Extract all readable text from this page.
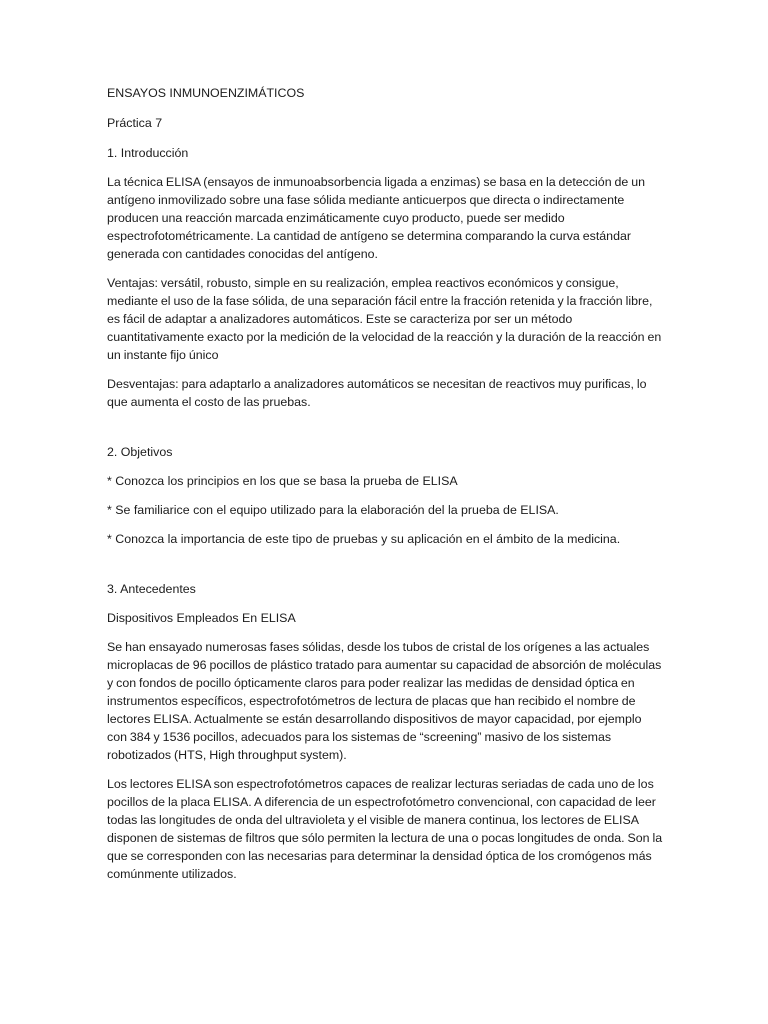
ENSAYOS INMUNOENZIMÁTICOS

Práctica 7

1. Introducción

La técnica ELISA (ensayos de inmunoabsorbencia ligada a enzimas) se basa en la detección de un antígeno inmovilizado sobre una fase sólida mediante anticuerpos que directa o indirectamente producen una reacción marcada enzimáticamente cuyo producto, puede ser medido espectrofotométricamente. La cantidad de antígeno se determina comparando la curva estándar generada con cantidades conocidas del antígeno.

Ventajas: versátil, robusto, simple en su realización, emplea reactivos económicos y consigue, mediante el uso de la fase sólida, de una separación fácil entre la fracción retenida y la fracción libre, es fácil de adaptar a analizadores automáticos. Este se caracteriza por ser un método cuantitativamente exacto por la medición de la velocidad de la reacción y la duración de la reacción en un instante fijo único

Desventajas: para adaptarlo a analizadores automáticos se necesitan de reactivos muy purificas, lo que aumenta el costo de las pruebas.

2. Objetivos

* Conozca los principios en los que se basa la prueba de ELISA

* Se familiarice con el equipo utilizado para la elaboración del la prueba de ELISA.

* Conozca la importancia de este tipo de pruebas y su aplicación en el ámbito de la medicina.

3. Antecedentes

Dispositivos Empleados En ELISA

Se han ensayado numerosas fases sólidas, desde los tubos de cristal de los orígenes a las actuales microplacas de 96 pocillos de plástico tratado para aumentar su capacidad de absorción de moléculas y con fondos de pocillo ópticamente claros para poder realizar las medidas de densidad óptica en instrumentos específicos, espectrofotómetros de lectura de placas que han recibido el nombre de lectores ELISA. Actualmente se están desarrollando dispositivos de mayor capacidad, por ejemplo con 384 y 1536 pocillos, adecuados para los sistemas de “screening” masivo de los sistemas robotizados (HTS, High throughput system).

Los lectores ELISA son espectrofotómetros capaces de realizar lecturas seriadas de cada uno de los pocillos de la placa ELISA. A diferencia de un espectrofotómetro convencional, con capacidad de leer todas las longitudes de onda del ultravioleta y el visible de manera continua, los lectores de ELISA disponen de sistemas de filtros que sólo permiten la lectura de una o pocas longitudes de onda. Son la que se corresponden con las necesarias para determinar la densidad óptica de los cromógenos más comúnmente utilizados.
